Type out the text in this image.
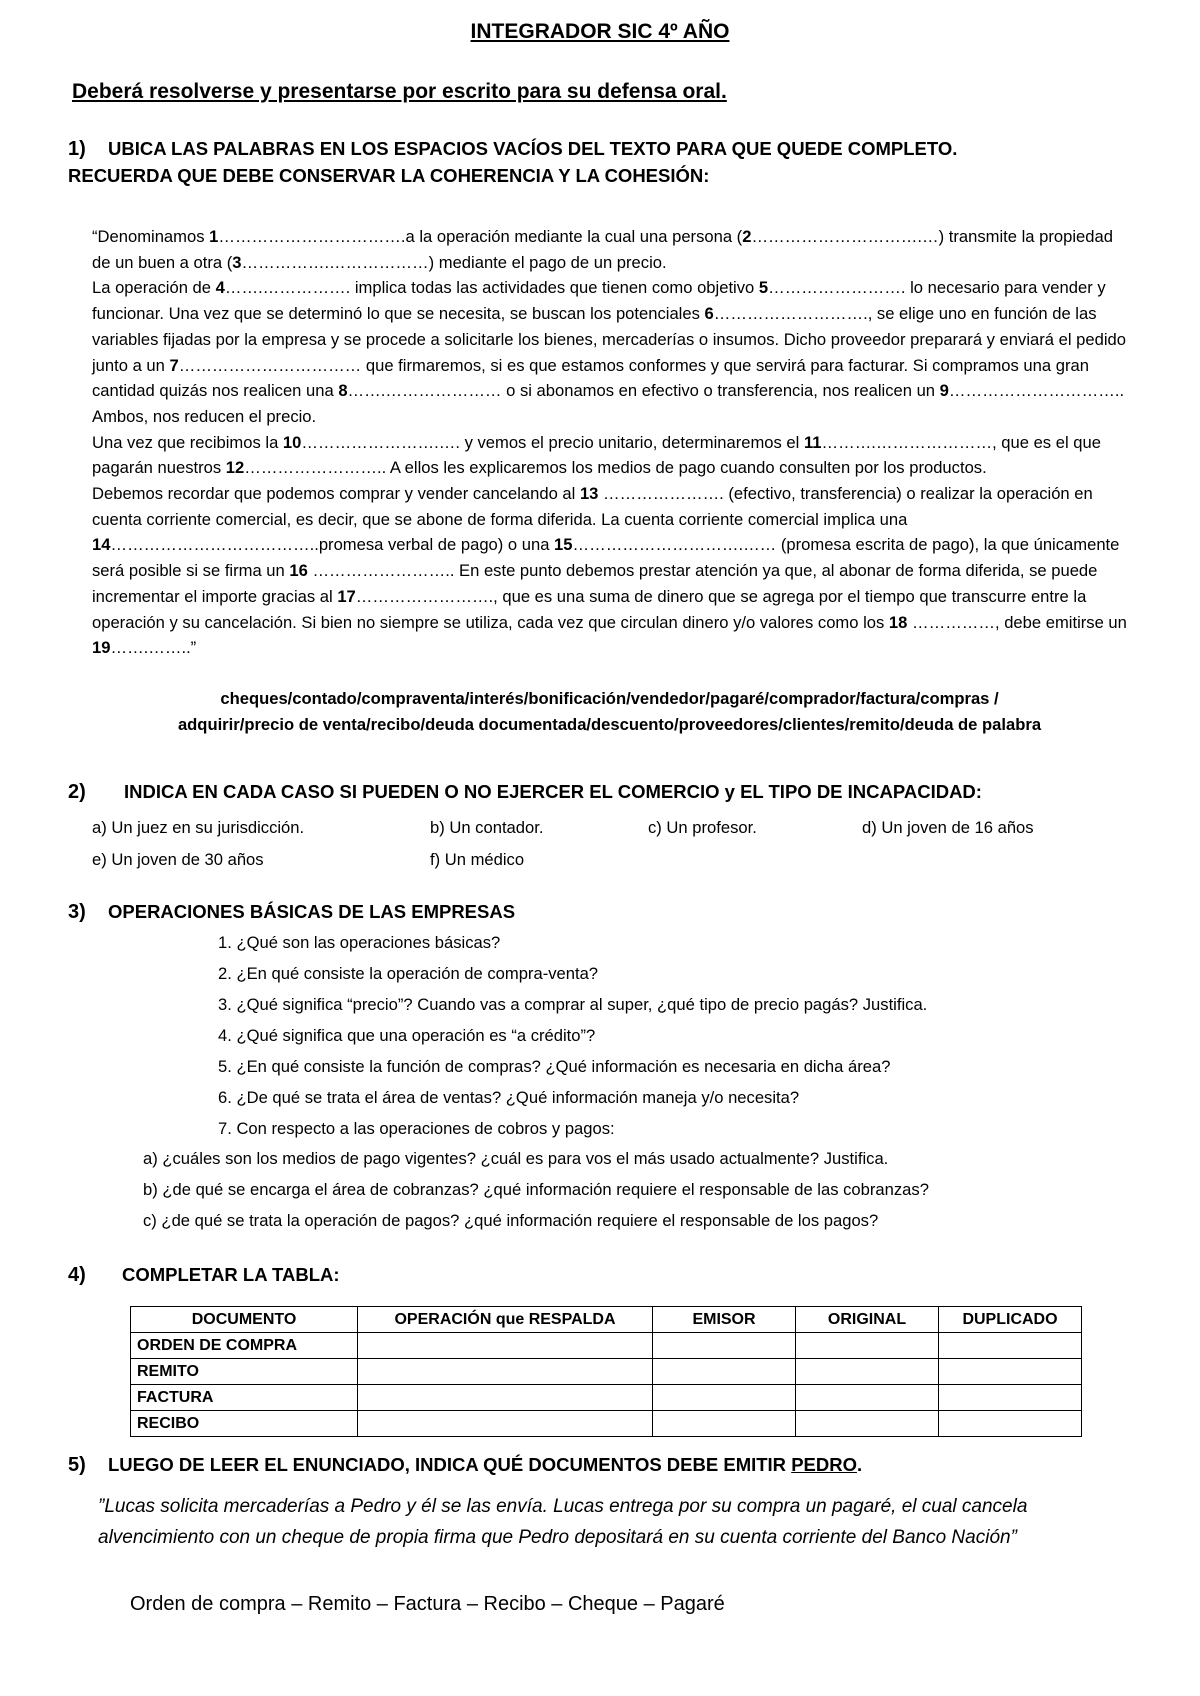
INTEGRADOR SIC 4º AÑO
Deberá resolverse y presentarse por escrito para su defensa oral.
1) UBICA LAS PALABRAS EN LOS ESPACIOS VACÍOS DEL TEXTO PARA QUE QUEDE COMPLETO.
RECUERDA QUE DEBE CONSERVAR LA COHERENCIA Y LA COHESIÓN:
“Denominamos 1…………………………….a la operación mediante la cual una persona (2………………………….…) transmite la propiedad de un buen a otra (3…………….………………) mediante el pago de un precio.
La operación de 4…….……………. implica todas las actividades que tienen como objetivo 5……………………. lo necesario para vender y funcionar. Una vez que se determinó lo que se necesita, se buscan los potenciales 6………………………., se elige uno en función de las variables fijadas por la empresa y se procede a solicitarle los bienes, mercaderías o insumos. Dicho proveedor preparará y enviará el pedido junto a un 7…………………………… que firmaremos, si es que estamos conformes y que servirá para facturar. Si compramos una gran cantidad quizás nos realicen una 8…….………………… o si abonamos en efectivo o transferencia, nos realicen un 9………………………….. Ambos, nos reducen el precio.
Una vez que recibimos la 10…………………….…. y vemos el precio unitario, determinaremos el 11……….…………………, que es el que pagarán nuestros 12…………………….. A ellos les explicaremos los medios de pago cuando consulten por los productos.
Debemos recordar que podemos comprar y vender cancelando al 13 …………………. (efectivo, transferencia) o realizar la operación en cuenta corriente comercial, es decir, que se abone de forma diferida. La cuenta corriente comercial implica una 14………………………………..promesa verbal de pago) o una 15………………………….…… (promesa escrita de pago), la que únicamente será posible si se firma un 16 …………………….. En este punto debemos prestar atención ya que, al abonar de forma diferida, se puede incrementar el importe gracias al 17……………………., que es una suma de dinero que se agrega por el tiempo que transcurre entre la operación y su cancelación. Si bien no siempre se utiliza, cada vez que circulan dinero y/o valores como los 18 ……………, debe emitirse un 19…….……..”
cheques/contado/compraventa/interés/bonificación/vendedor/pagaré/comprador/factura/compras /
adquirir/precio de venta/recibo/deuda documentada/descuento/proveedores/clientes/remito/deuda de palabra
2) INDICA EN CADA CASO SI PUEDEN O NO EJERCER EL COMERCIO y EL TIPO DE INCAPACIDAD:
a) Un juez en su jurisdicción.	b) Un contador.	c) Un profesor.	d) Un joven de 16 años
e) Un joven de 30 años	f) Un médico
3) OPERACIONES BÁSICAS DE LAS EMPRESAS
1. ¿Qué son las operaciones básicas?
2. ¿En qué consiste la operación de compra-venta?
3. ¿Qué significa “precio”? Cuando vas a comprar al super, ¿qué tipo de precio pagás? Justifica.
4. ¿Qué significa que una operación es “a crédito”?
5. ¿En qué consiste la función de compras? ¿Qué información es necesaria en dicha área?
6. ¿De qué se trata el área de ventas? ¿Qué información maneja y/o necesita?
7. Con respecto a las operaciones de cobros y pagos:
a) ¿cuáles son los medios de pago vigentes? ¿cuál es para vos el más usado actualmente? Justifica.
b) ¿de qué se encarga el área de cobranzas? ¿qué información requiere el responsable de las cobranzas?
c) ¿de qué se trata la operación de pagos? ¿qué información requiere el responsable de los pagos?
4) COMPLETAR LA TABLA:
DOCUMENTO	OPERACIÓN que RESPALDA	EMISOR	ORIGINAL	DUPLICADO
ORDEN DE COMPRA				
REMITO				
FACTURA				
RECIBO				
5) LUEGO DE LEER EL ENUNCIADO, INDICA QUÉ DOCUMENTOS DEBE EMITIR PEDRO.
”Lucas solicita mercaderías a Pedro y él se las envía. Lucas entrega por su compra un pagaré, el cual cancela alvencimiento con un cheque de propia firma que Pedro depositará en su cuenta corriente del Banco Nación”
Orden de compra – Remito – Factura – Recibo – Cheque – Pagaré
